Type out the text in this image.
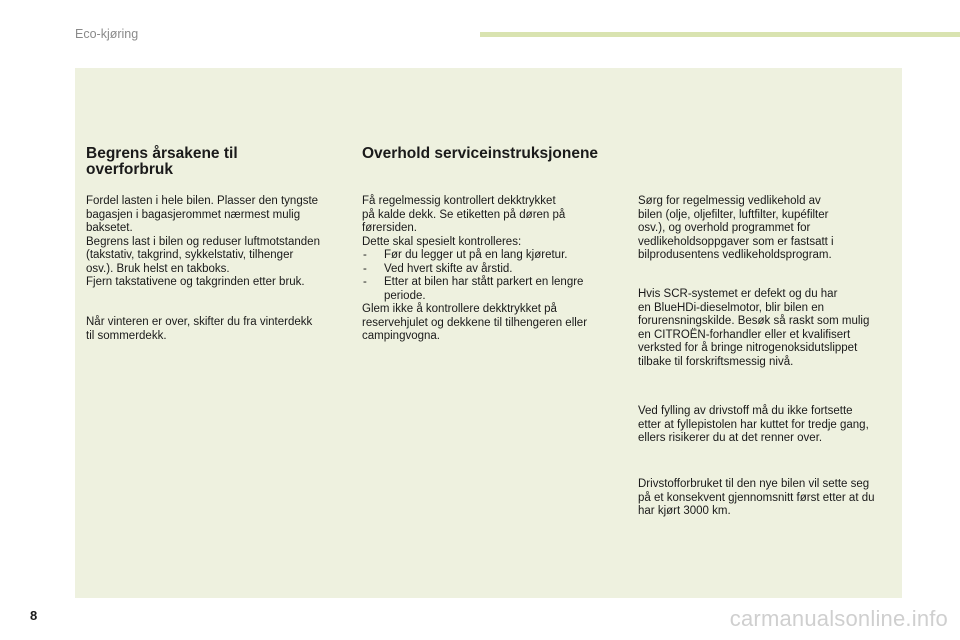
Eco-kjøring
Begrens årsakene til
overforbruk

Fordel lasten i hele bilen. Plasser den tyngste

bagasjen i bagasjerommet nærmest mulig

baksetet.

Begrens last i bilen og reduser luftmotstanden

(takstativ, takgrind, sykkelstativ, tilhenger

osv.). Bruk helst en takboks.

Fjern takstativene og takgrinden etter bruk.

Når vinteren er over, skifter du fra vinterdekk

til sommerdekk.

Overhold serviceinstruksjonene

Få regelmessig kontrollert dekktrykket

på kalde dekk. Se etiketten på døren på

førersiden.

Dette skal spesielt kontrolleres:

- Før du legger ut på en lang kjøretur.
- Ved hvert skifte av årstid.
- Etter at bilen har stått parkert en lengre periode.

Glem ikke å kontrollere dekktrykket på

reservehjulet og dekkene til tilhengeren eller

campingvogna.

Sørg for regelmessig vedlikehold av

bilen (olje, oljefilter, luftfilter, kupéfilter

osv.), og overhold programmet for

vedlikeholdsoppgaver som er fastsatt i

bilprodusentens vedlikeholdsprogram.

Hvis SCR-systemet er defekt og du har

en BlueHDi-dieselmotor, blir bilen en

forurensningskilde. Besøk så raskt som mulig

en CITROËN-forhandler eller et kvalifisert

verksted for å bringe nitrogenoksidutslippet

tilbake til forskriftsmessig nivå.

Ved fylling av drivstoff må du ikke fortsette

etter at fyllepistolen har kuttet for tredje gang,

ellers risikerer du at det renner over.

Drivstofforbruket til den nye bilen vil sette seg

på et konsekvent gjennomsnitt først etter at du

har kjørt 3000 km.

8	carmanualsonline.info
